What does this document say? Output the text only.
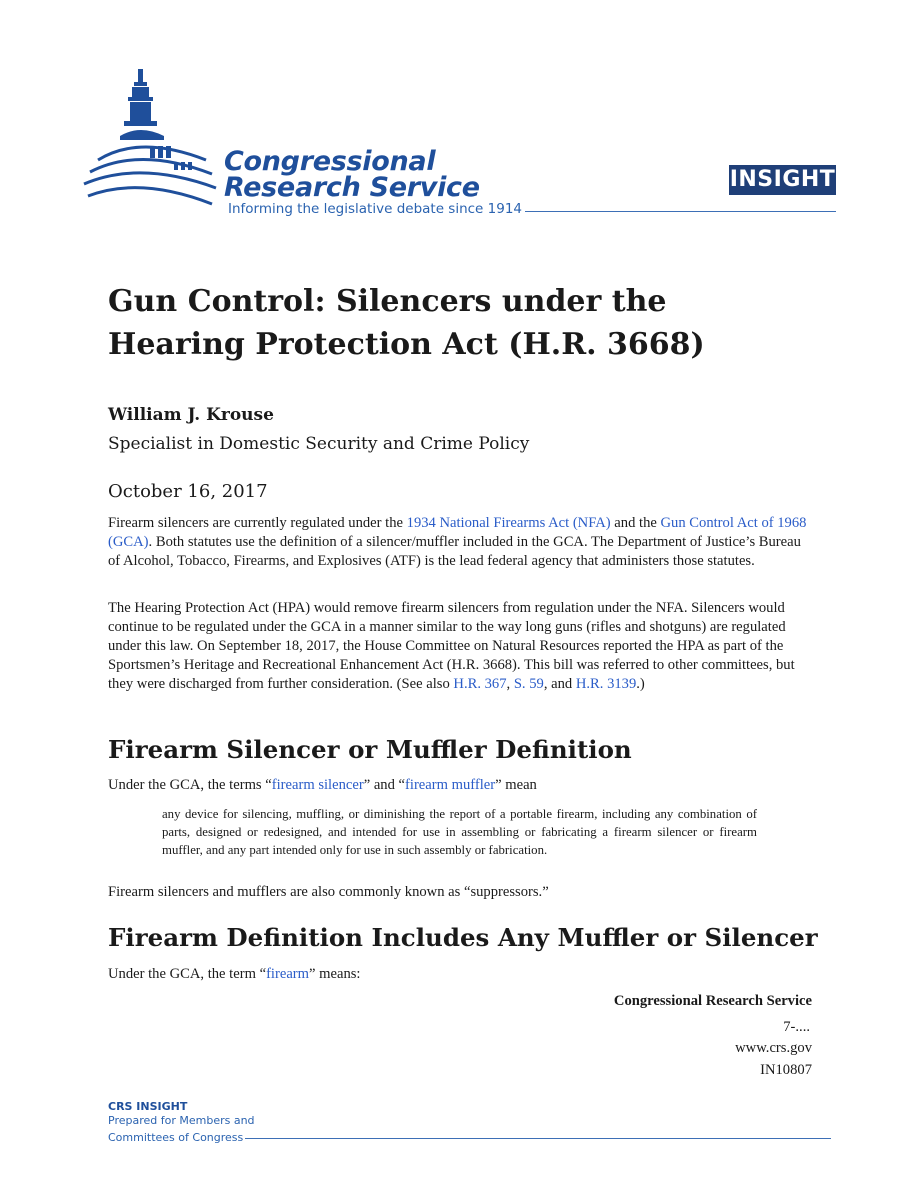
Congressional
Research Service
Informing the legislative debate since 1914
INSIGHT
Gun Control: Silencers under the Hearing Protection Act (H.R. 3668)
William J. Krouse
Specialist in Domestic Security and Crime Policy
October 16, 2017
Firearm silencers are currently regulated under the 1934 National Firearms Act (NFA) and the Gun Control Act of 1968 (GCA). Both statutes use the definition of a silencer/muffler included in the GCA. The Department of Justice’s Bureau of Alcohol, Tobacco, Firearms, and Explosives (ATF) is the lead federal agency that administers those statutes.
The Hearing Protection Act (HPA) would remove firearm silencers from regulation under the NFA. Silencers would continue to be regulated under the GCA in a manner similar to the way long guns (rifles and shotguns) are regulated under this law. On September 18, 2017, the House Committee on Natural Resources reported the HPA as part of the Sportsmen’s Heritage and Recreational Enhancement Act (H.R. 3668). This bill was referred to other committees, but they were discharged from further consideration. (See also H.R. 367, S. 59, and H.R. 3139.)
Firearm Silencer or Muffler Definition
Under the GCA, the terms “firearm silencer” and “firearm muffler” mean
any device for silencing, muffling, or diminishing the report of a portable firearm, including any combination of parts, designed or redesigned, and intended for use in assembling or fabricating a firearm silencer or firearm muffler, and any part intended only for use in such assembly or fabrication.
Firearm silencers and mufflers are also commonly known as “suppressors.”
Firearm Definition Includes Any Muffler or Silencer
Under the GCA, the term “firearm” means:
Congressional Research Service
7-....
www.crs.gov
IN10807
CRS INSIGHT
Prepared for Members and
Committees of Congress
